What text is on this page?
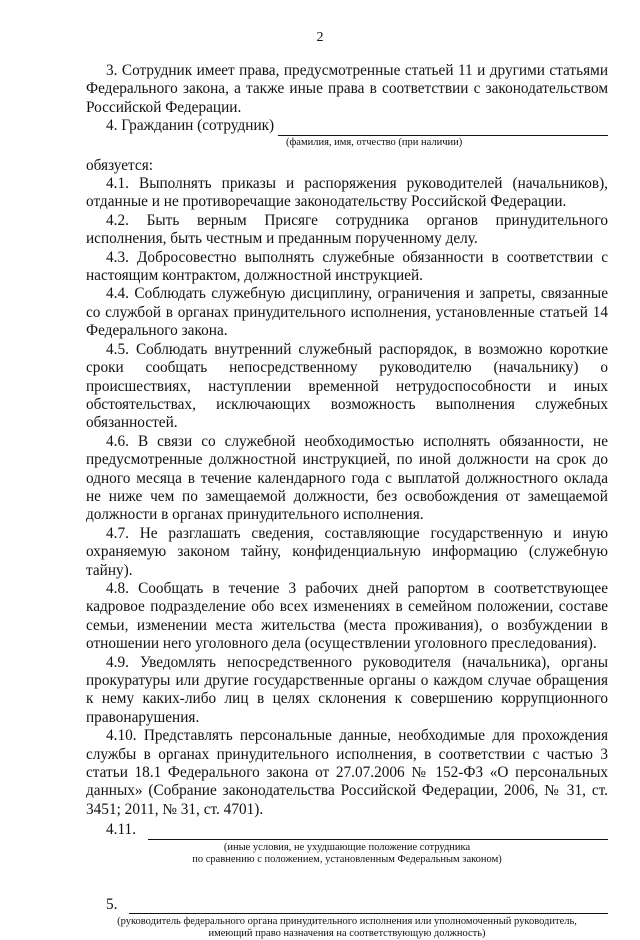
2

3. Сотрудник имеет права, предусмотренные статьей 11 и другими статьями Федерального закона, а также иные права в соответствии с законодательством Российской Федерации.

4. Гражданин (сотрудник)

(фамилия, имя, отчество (при наличии)

обязуется:

4.1. Выполнять приказы и распоряжения руководителей (начальников), отданные и не противоречащие законодательству Российской Федерации.

4.2. Быть верным Присяге сотрудника органов принудительного исполнения, быть честным и преданным порученному делу.

4.3. Добросовестно выполнять служебные обязанности в соответствии с настоящим контрактом, должностной инструкцией.

4.4. Соблюдать служебную дисциплину, ограничения и запреты, связанные со службой в органах принудительного исполнения, установленные статьей 14 Федерального закона.

4.5. Соблюдать внутренний служебный распорядок, в возможно короткие сроки сообщать непосредственному руководителю (начальнику) о происшествиях, наступлении временной нетрудоспособности и иных обстоятельствах, исключающих возможность выполнения служебных обязанностей.

4.6. В связи со служебной необходимостью исполнять обязанности, не предусмотренные должностной инструкцией, по иной должности на срок до одного месяца в течение календарного года с выплатой должностного оклада не ниже чем по замещаемой должности, без освобождения от замещаемой должности в органах принудительного исполнения.

4.7. Не разглашать сведения, составляющие государственную и иную охраняемую законом тайну, конфиденциальную информацию (служебную тайну).

4.8. Сообщать в течение 3 рабочих дней рапортом в соответствующее кадровое подразделение обо всех изменениях в семейном положении, составе семьи, изменении места жительства (места проживания), о возбуждении в отношении него уголовного дела (осуществлении уголовного преследования).

4.9. Уведомлять непосредственного руководителя (начальника), органы прокуратуры или другие государственные органы о каждом случае обращения к нему каких-либо лиц в целях склонения к совершению коррупционного правонарушения.

4.10. Представлять персональные данные, необходимые для прохождения службы в органах принудительного исполнения, в соответствии с частью 3 статьи 18.1 Федерального закона от 27.07.2006 № 152-ФЗ «О персональных данных» (Собрание законодательства Российской Федерации, 2006, № 31, ст. 3451; 2011, № 31, ст. 4701).

4.11.

(иные условия, не ухудшающие положение сотрудника

по сравнению с положением, установленным Федеральным законом)

5.

(руководитель федерального органа принудительного исполнения или уполномоченный руководитель,

имеющий право назначения на соответствующую должность)
